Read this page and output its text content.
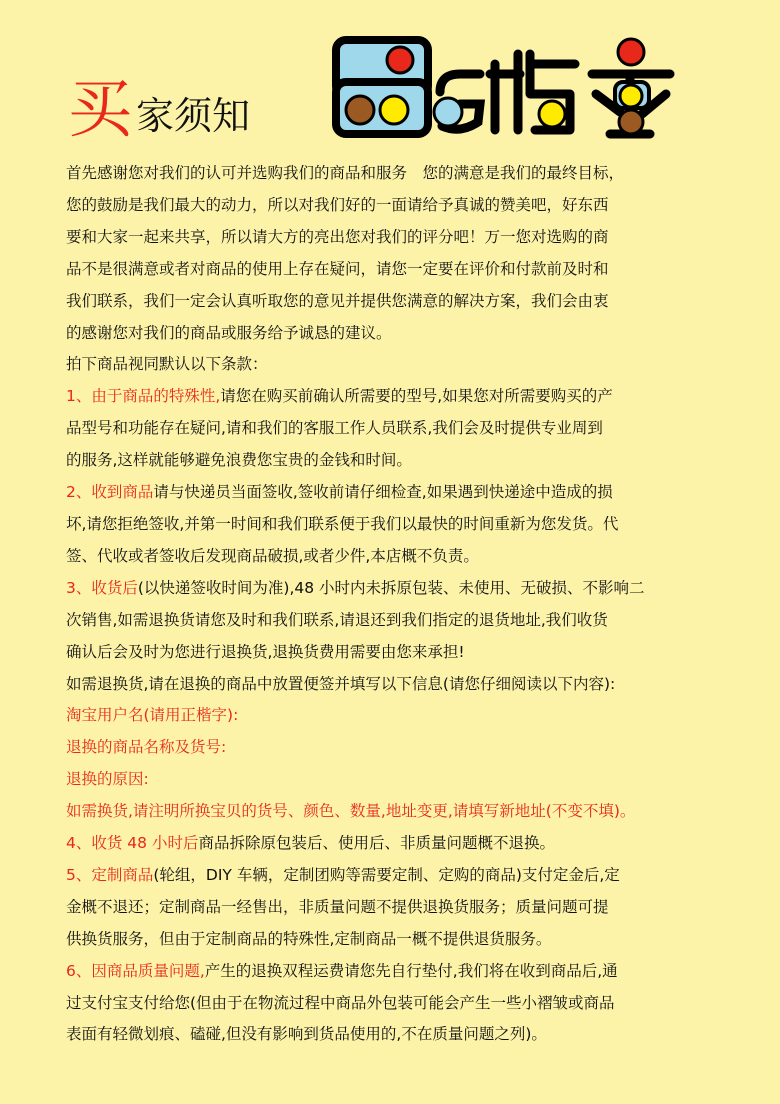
买家须知

首先感谢您对我们的认可并选购我们的商品和服务　您的满意是我们的最终目标，

您的鼓励是我们最大的动力，所以对我们好的一面请给予真诚的赞美吧，好东西

要和大家一起来共享，所以请大方的亮出您对我们的评分吧！万一您对选购的商

品不是很满意或者对商品的使用上存在疑问，请您一定要在评价和付款前及时和

我们联系，我们一定会认真听取您的意见并提供您满意的解决方案，我们会由衷

的感谢您对我们的商品或服务给予诚恳的建议。

拍下商品视同默认以下条款：

1、由于商品的特殊性,请您在购买前确认所需要的型号,如果您对所需要购买的产

品型号和功能存在疑问,请和我们的客服工作人员联系,我们会及时提供专业周到

的服务,这样就能够避免浪费您宝贵的金钱和时间。

2、收到商品请与快递员当面签收,签收前请仔细检查,如果遇到快递途中造成的损

坏,请您拒绝签收,并第一时间和我们联系便于我们以最快的时间重新为您发货。代

签、代收或者签收后发现商品破损,或者少件,本店概不负责。

3、收货后(以快递签收时间为准),48 小时内未拆原包装、未使用、无破损、不影响二

次销售,如需退换货请您及时和我们联系,请退还到我们指定的退货地址,我们收货

确认后会及时为您进行退换货,退换货费用需要由您来承担!

如需退换货,请在退换的商品中放置便签并填写以下信息(请您仔细阅读以下内容):

淘宝用户名(请用正楷字):

退换的商品名称及货号:

退换的原因:

如需换货,请注明所换宝贝的货号、颜色、数量,地址变更,请填写新地址(不变不填)。

4、收货 48 小时后商品拆除原包装后、使用后、非质量问题概不退换。

5、定制商品(轮组，DIY 车辆，定制团购等需要定制、定购的商品)支付定金后,定

金概不退还；定制商品一经售出，非质量问题不提供退换货服务；质量问题可提

供换货服务，但由于定制商品的特殊性,定制商品一概不提供退货服务。

6、因商品质量问题,产生的退换双程运费请您先自行垫付,我们将在收到商品后,通

过支付宝支付给您(但由于在物流过程中商品外包装可能会产生一些小褶皱或商品

表面有轻微划痕、磕碰,但没有影响到货品使用的,不在质量问题之列)。
